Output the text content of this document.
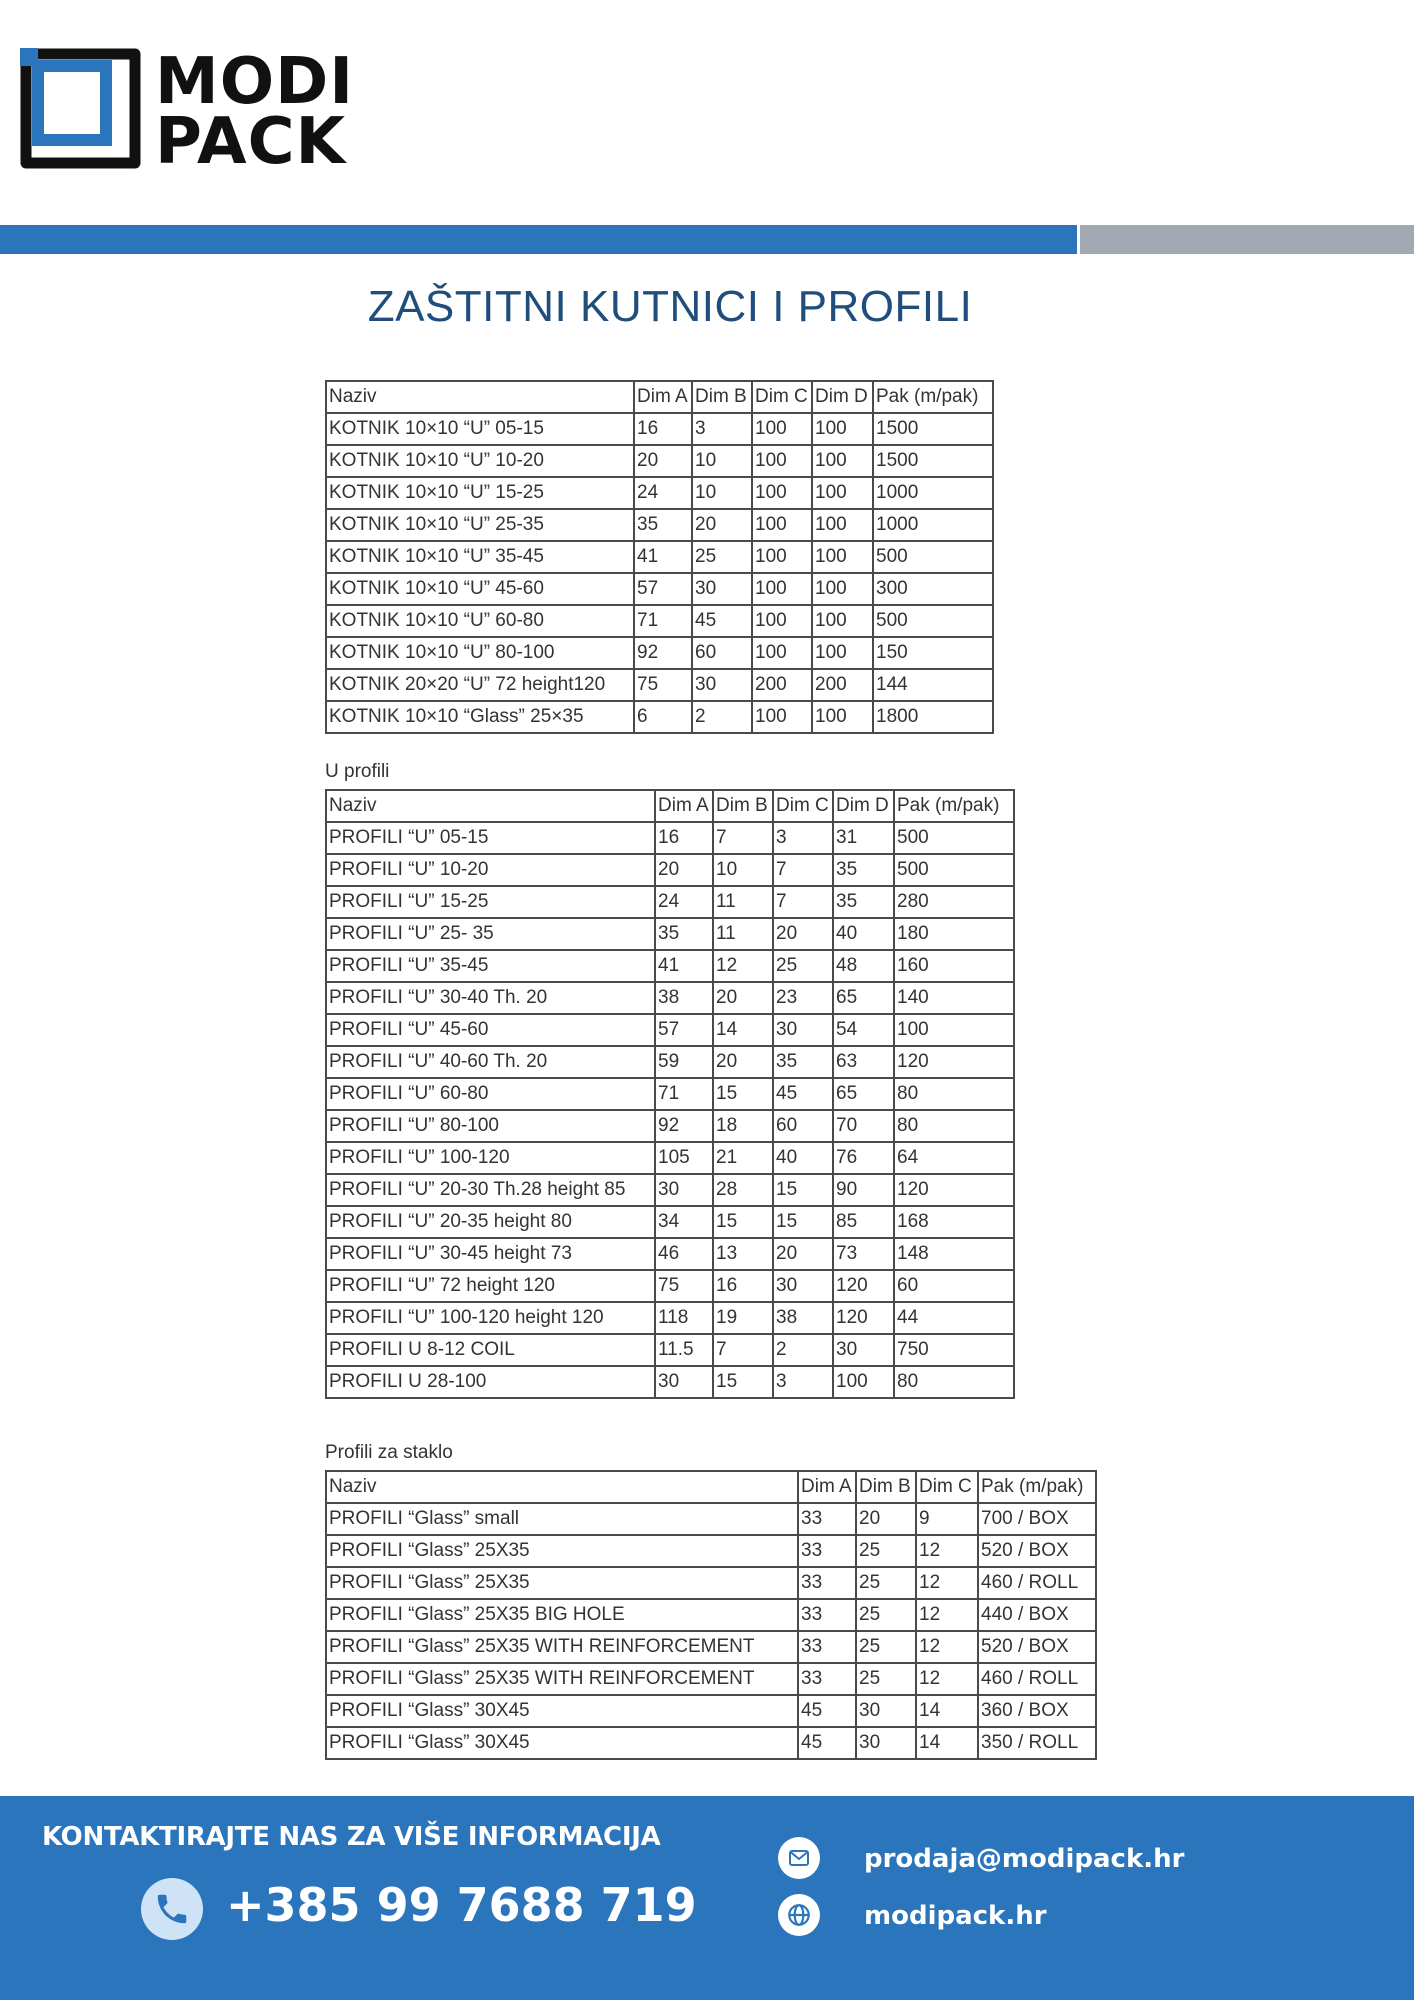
MODI
PACK
ZAŠTITNI KUTNICI I PROFILI
Naziv	Dim A	Dim B	Dim C	Dim D	Pak (m/pak)
KOTNIK 10×10 “U” 05-15	16	3	100	100	1500
KOTNIK 10×10 “U” 10-20	20	10	100	100	1500
KOTNIK 10×10 “U” 15-25	24	10	100	100	1000
KOTNIK 10×10 “U” 25-35	35	20	100	100	1000
KOTNIK 10×10 “U” 35-45	41	25	100	100	500
KOTNIK 10×10 “U” 45-60	57	30	100	100	300
KOTNIK 10×10 “U” 60-80	71	45	100	100	500
KOTNIK 10×10 “U” 80-100	92	60	100	100	150
KOTNIK 20×20 “U” 72 height120	75	30	200	200	144
KOTNIK 10×10 “Glass” 25×35	6	2	100	100	1800
U profili
Naziv	Dim A	Dim B	Dim C	Dim D	Pak (m/pak)
PROFILI “U” 05-15	16	7	3	31	500
PROFILI “U” 10-20	20	10	7	35	500
PROFILI “U” 15-25	24	11	7	35	280
PROFILI “U” 25- 35	35	11	20	40	180
PROFILI “U” 35-45	41	12	25	48	160
PROFILI “U” 30-40 Th. 20	38	20	23	65	140
PROFILI “U” 45-60	57	14	30	54	100
PROFILI “U” 40-60 Th. 20	59	20	35	63	120
PROFILI “U” 60-80	71	15	45	65	80
PROFILI “U” 80-100	92	18	60	70	80
PROFILI “U” 100-120	105	21	40	76	64
PROFILI “U” 20-30 Th.28 height 85	30	28	15	90	120
PROFILI “U” 20-35 height 80	34	15	15	85	168
PROFILI “U” 30-45 height 73	46	13	20	73	148
PROFILI “U” 72 height 120	75	16	30	120	60
PROFILI “U” 100-120 height 120	118	19	38	120	44
PROFILI U 8-12 COIL	11.5	7	2	30	750
PROFILI U 28-100	30	15	3	100	80
Profili za staklo
Naziv	Dim A	Dim B	Dim C	Pak (m/pak)
PROFILI “Glass” small	33	20	9	700 / BOX
PROFILI “Glass” 25X35	33	25	12	520 / BOX
PROFILI “Glass” 25X35	33	25	12	460 / ROLL
PROFILI “Glass” 25X35 BIG HOLE	33	25	12	440 / BOX
PROFILI “Glass” 25X35 WITH REINFORCEMENT	33	25	12	520 / BOX
PROFILI “Glass” 25X35 WITH REINFORCEMENT	33	25	12	460 / ROLL
PROFILI “Glass” 30X45	45	30	14	360 / BOX
PROFILI “Glass” 30X45	45	30	14	350 / ROLL
KONTAKTIRAJTE NAS ZA VIŠE INFORMACIJA
+385 99 7688 719
prodaja@modipack.hr
modipack.hr
